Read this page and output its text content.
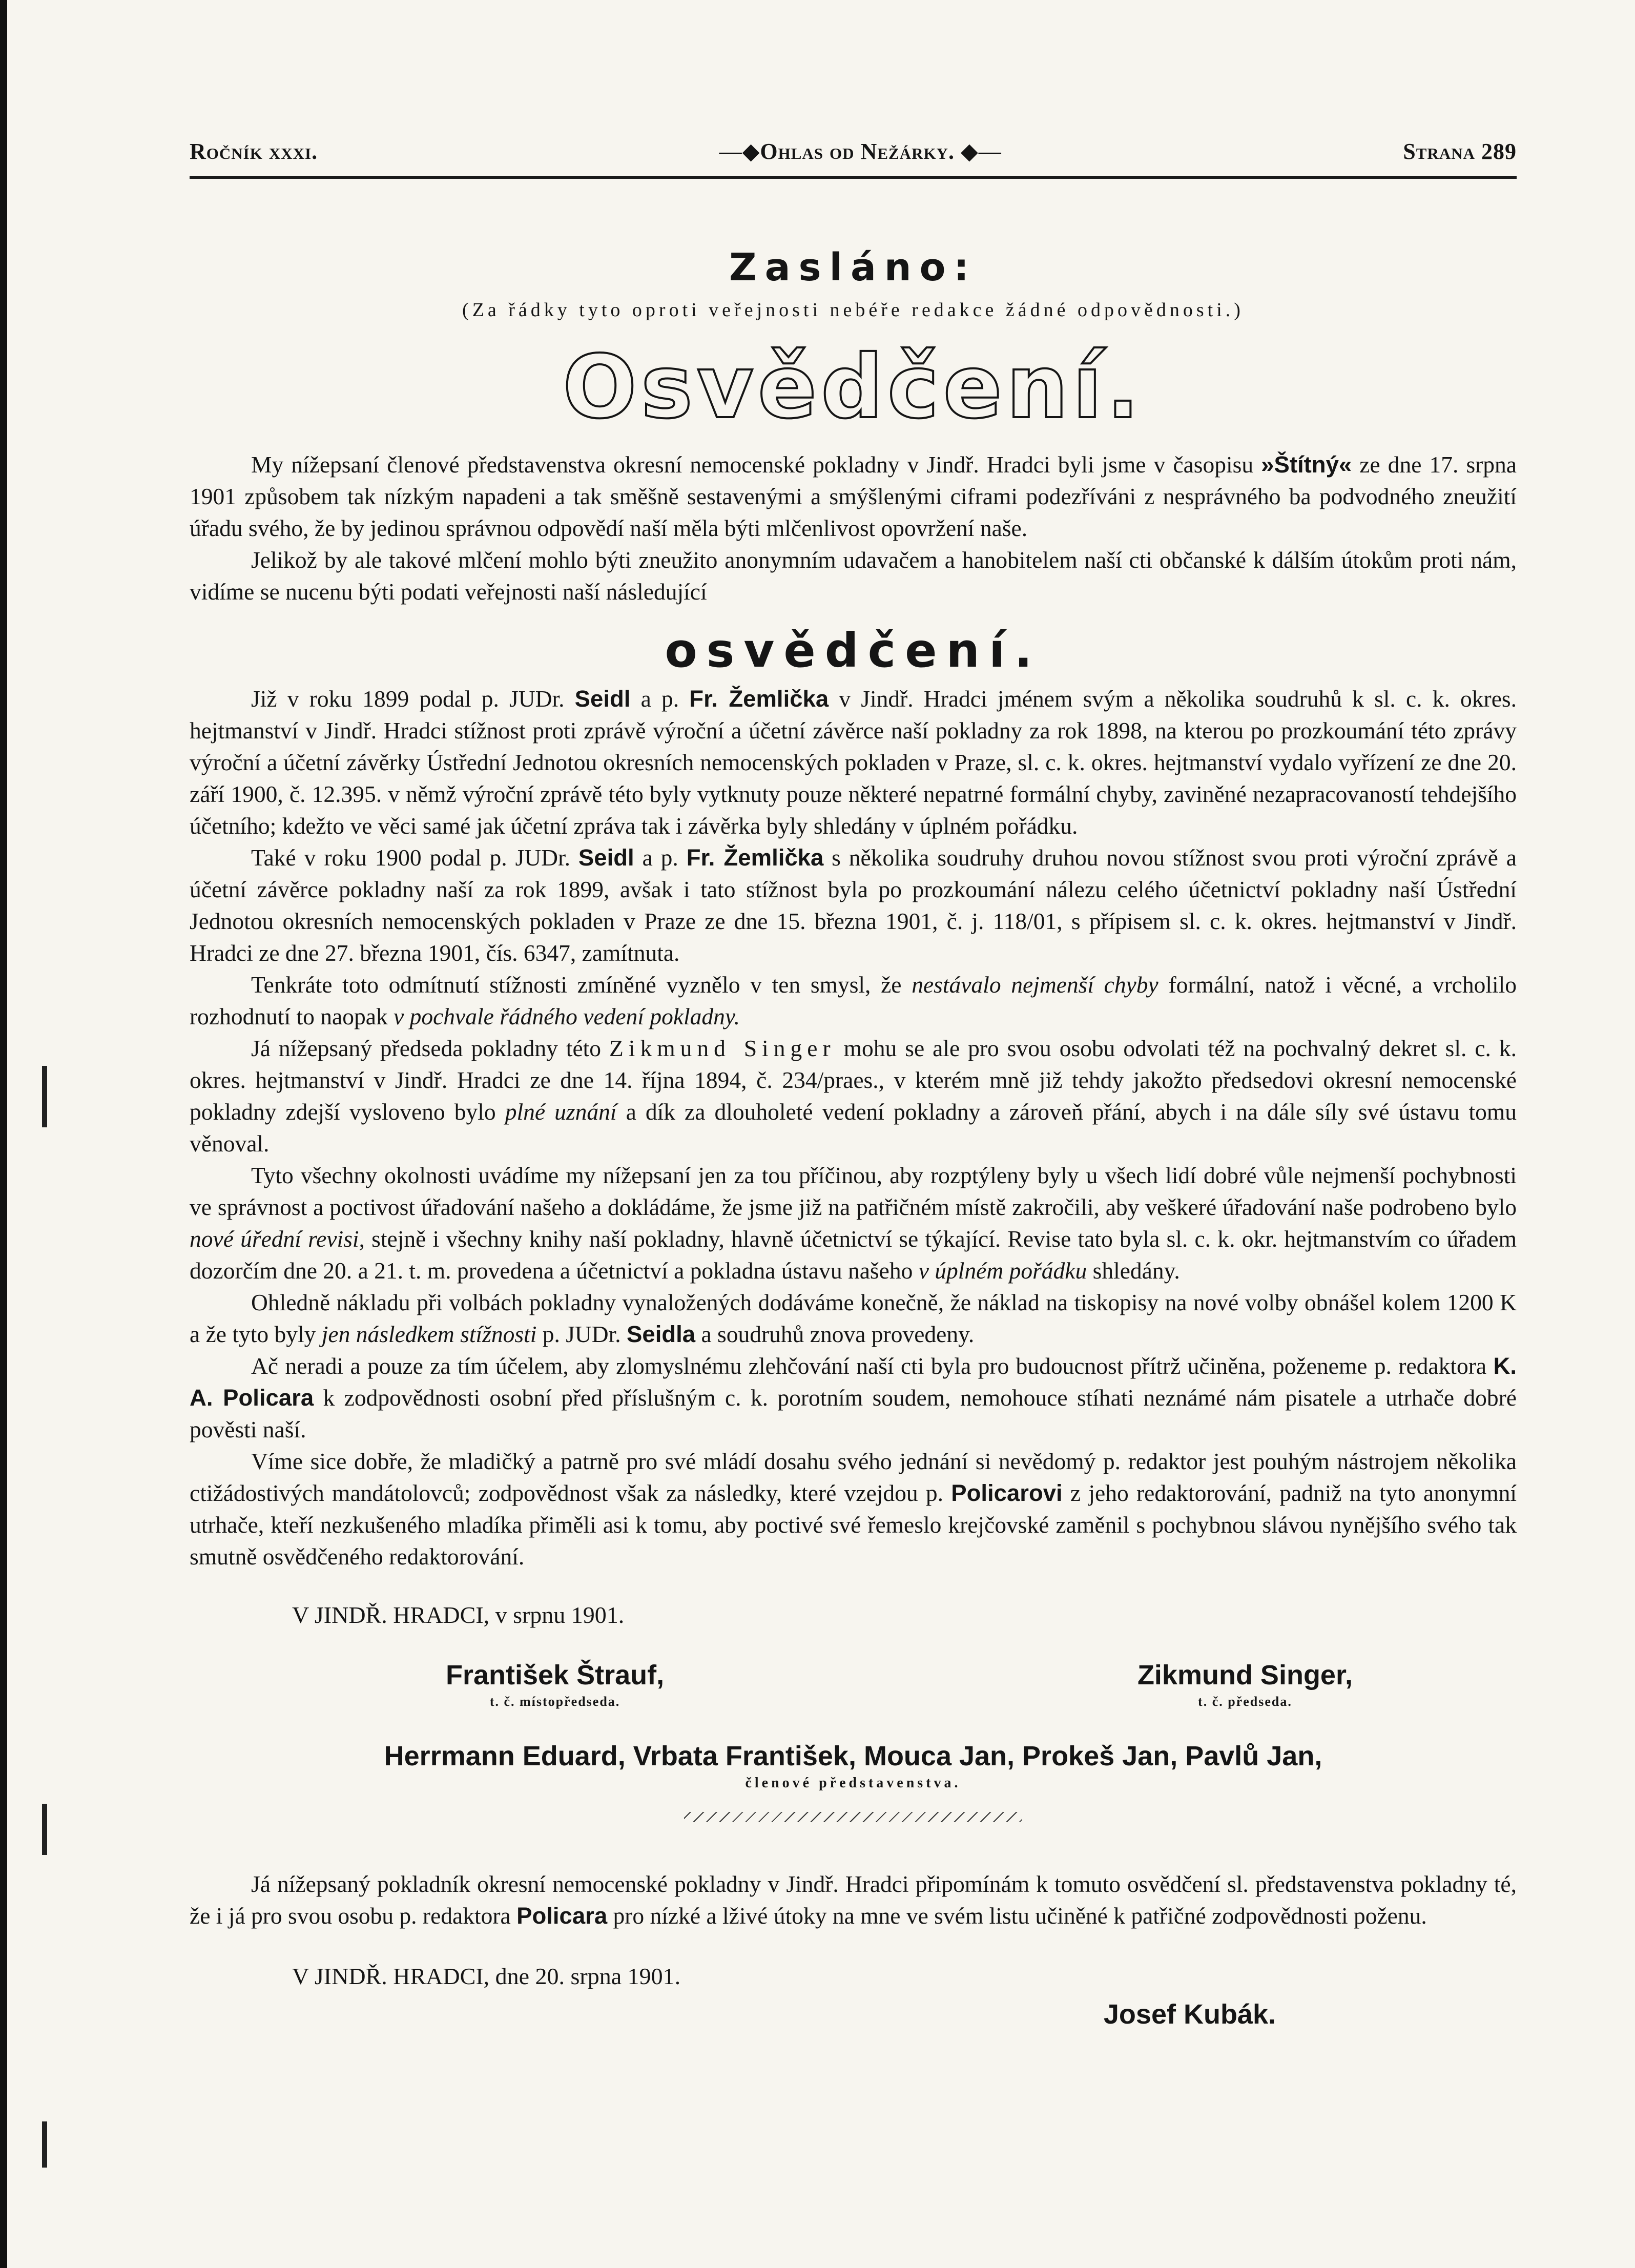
Ročník xxxi.
—◆	Ohlas od Nežárky. ◆—	Strana 289
Zasláno:
(Za řádky tyto oproti veřejnosti nebéře redakce žádné odpovědnosti.)
Osvědčení.

My nížepsaní členové představenstva okresní nemocenské pokladny v Jindř. Hradci byli jsme v časopisu »Štítný« ze dne 17. srpna 1901 způsobem tak nízkým napadeni a tak směšně sestavenými a smýšlenými ciframi podezříváni z nesprávného ba podvodného zneužití úřadu svého, že by jedinou správnou odpovědí naší měla býti mlčenlivost opovržení naše.

Jelikož by ale takové mlčení mohlo býti zneužito anonymním udavačem a hanobitelem naší cti občanské k dálším útokům proti nám, vidíme se nucenu býti podati veřejnosti naší následující

osvědčení.

Již v roku 1899 podal p. JUDr. Seidl a p. Fr. Žemlička v Jindř. Hradci jménem svým a několika soudruhů k sl. c. k. okres. hejtmanství v Jindř. Hradci stížnost proti zprávě výroční a účetní závěrce naší pokladny za rok 1898, na kterou po prozkoumání této zprávy výroční a účetní závěrky Ústřední Jednotou okresních nemocenských pokladen v Praze, sl. c. k. okres. hejtmanství vydalo vyřízení ze dne 20. září 1900, č. 12.395. v němž výroční zprávě této byly vytknuty pouze některé nepatrné formální chyby, zaviněné nezapracovaností tehdejšího účetního; kdežto ve věci samé jak účetní zpráva tak i závěrka byly shledány v úplném pořádku.

Také v roku 1900 podal p. JUDr. Seidl a p. Fr. Žemlička s několika soudruhy druhou novou stížnost svou proti výroční zprávě a účetní závěrce pokladny naší za rok 1899, avšak i tato stížnost byla po prozkoumání nálezu celého účetnictví pokladny naší Ústřední Jednotou okresních nemocenských pokladen v Praze ze dne 15. března 1901, č. j. 118/01, s přípisem sl. c. k. okres. hejtmanství v Jindř. Hradci ze dne 27. března 1901, čís. 6347, zamítnuta.

Tenkráte toto odmítnutí stížnosti zmíněné vyznělo v ten smysl, že nestávalo nejmenší chyby formální, natož i věcné, a vrcholilo rozhodnutí to naopak v pochvale řádného vedení pokladny.

Já nížepsaný předseda pokladny této Zikmund Singer mohu se ale pro svou osobu odvolati též na pochvalný dekret sl. c. k. okres. hejtmanství v Jindř. Hradci ze dne 14. října 1894, č. 234/praes., v kterém mně již tehdy jakožto předsedovi okresní nemocenské pokladny zdejší vysloveno bylo plné uznání a dík za dlouholeté vedení pokladny a zároveň přání, abych i na dále síly své ústavu tomu věnoval.

Tyto všechny okolnosti uvádíme my nížepsaní jen za tou příčinou, aby rozptýleny byly u všech lidí dobré vůle nejmenší pochybnosti ve správnost a poctivost úřadování našeho a dokládáme, že jsme již na patřičném místě zakročili, aby veškeré úřadování naše podrobeno bylo nové úřední revisi, stejně i všechny knihy naší pokladny, hlavně účetnictví se týkající. Revise tato byla sl. c. k. okr. hejtmanstvím co úřadem dozorčím dne 20. a 21. t. m. provedena a účetnictví a pokladna ústavu našeho v úplném pořádku shledány.

Ohledně nákladu při volbách pokladny vynaložených dodáváme konečně, že náklad na tiskopisy na nové volby obnášel kolem 1200 K a že tyto byly jen následkem stížnosti p. JUDr. Seidla a soudruhů znova provedeny.

Ač neradi a pouze za tím účelem, aby zlomyslnému zlehčování naší cti byla pro budoucnost přítrž učiněna, poženeme p. redaktora K. A. Policara k zodpovědnosti osobní před příslušným c. k. porotním soudem, nemohouce stíhati neznámé nám pisatele a utrhače dobré pověsti naší.

Víme sice dobře, že mladičký a patrně pro své mládí dosahu svého jednání si nevědomý p. redaktor jest pouhým nástrojem několika ctižádostivých mandátolovců; zodpovědnost však za následky, které vzejdou p. Policarovi z jeho redaktorování, padniž na tyto anonymní utrhače, kteří nezkušeného mladíka přiměli asi k tomu, aby poctivé své řemeslo krejčovské zaměnil s pochybnou slávou nynějšího svého tak smutně osvědčeného redaktorování.

V JINDŘ. HRADCI, v srpnu 1901.
František Štrauf,
t. č. místopředseda.
Zikmund Singer,
t. č. předseda.
Herrmann Eduard, Vrbata František, Mouca Jan, Prokeš Jan, Pavlů Jan,
členové představenstva.

Já nížepsaný pokladník okresní nemocenské pokladny v Jindř. Hradci připomínám k tomuto osvědčení sl. představenstva pokladny té, že i já pro svou osobu p. redaktora Policara pro nízké a lživé útoky na mne ve svém listu učiněné k patřičné zodpovědnosti poženu.

V JINDŘ. HRADCI, dne 20. srpna 1901.
Josef Kubák.
